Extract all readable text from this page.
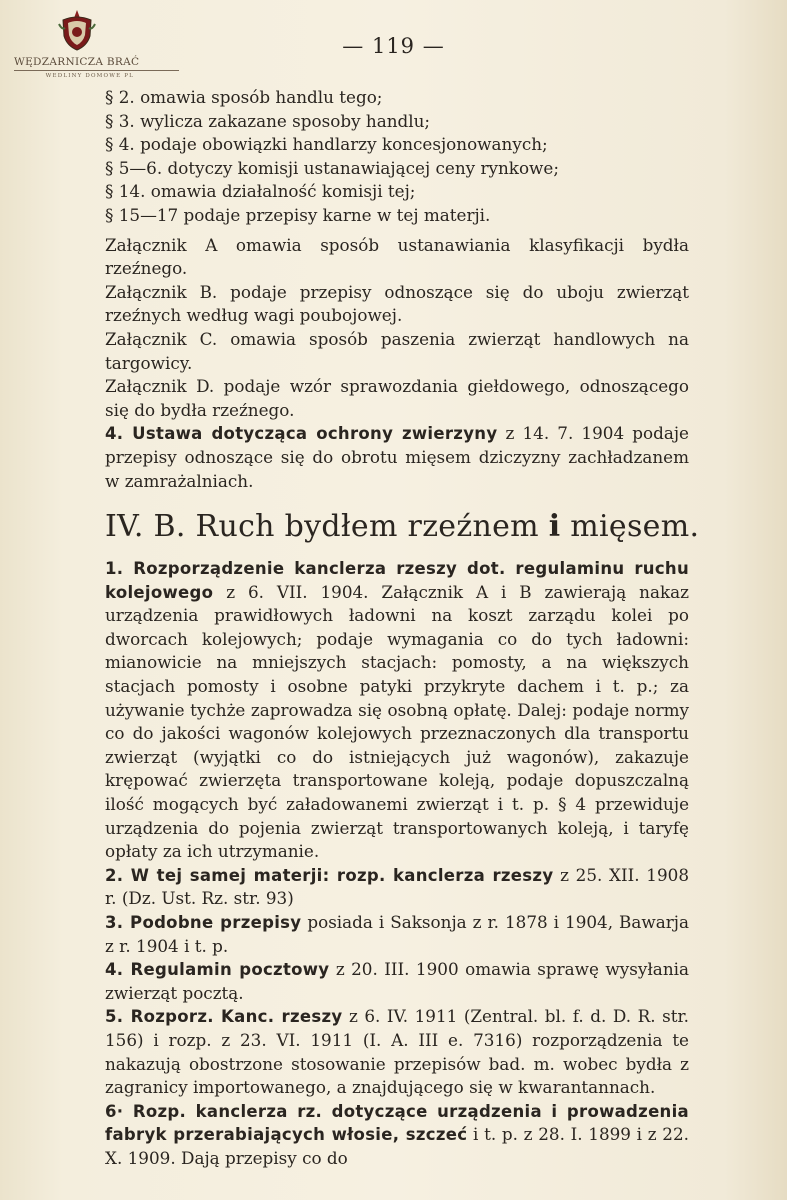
WĘDZARNICZA BRAĆ
WEDLINY DOMOWE PL
— 119 —

§ 2. omawia sposób handlu tego;

§ 3. wylicza zakazane sposoby handlu;

§ 4. podaje obowiązki handlarzy koncesjonowanych;

§ 5—6. dotyczy komisji ustanawiającej ceny rynkowe;

§ 14. omawia działalność komisji tej;

§ 15—17 podaje przepisy karne w tej materji.

Załącznik A omawia sposób ustanawiania klasyfikacji bydła rzeźnego.

Załącznik B. podaje przepisy odnoszące się do uboju zwierząt rzeźnych według wagi poubojowej.

Załącznik C. omawia sposób paszenia zwierząt handlowych na targowicy.

Załącznik D. podaje wzór sprawozdania giełdowego, odnoszącego się do bydła rzeźnego.

4. Ustawa dotycząca ochrony zwierzyny z 14. 7. 1904 podaje przepisy odnoszące się do obrotu mięsem dziczyzny zachładzanem w zamrażalniach.

IV. B. Ruch bydłem rzeźnem i mięsem.

1. Rozporządzenie kanclerza rzeszy dot. regulaminu ruchu kolejowego z 6. VII. 1904. Załącznik A i B zawierają nakaz urządzenia prawidłowych ładowni na koszt zarządu kolei po dworcach kolejowych; podaje wymagania co do tych ładowni: mianowicie na mniejszych stacjach: pomosty, a na większych stacjach pomosty i osobne patyki przykryte dachem i t. p.; za używanie tychże zaprowadza się osobną opłatę. Dalej: podaje normy co do jakości wagonów kolejowych przeznaczonych dla transportu zwierząt (wyjątki co do istniejących już wagonów), zakazuje krępować zwierzęta transportowane koleją, podaje dopuszczalną ilość mogących być załadowanemi zwierząt i t. p. § 4 przewiduje urządzenia do pojenia zwierząt transportowanych koleją, i taryfę opłaty za ich utrzymanie.

2. W tej samej materji: rozp. kanclerza rzeszy z 25. XII. 1908 r. (Dz. Ust. Rz. str. 93)

3. Podobne przepisy posiada i Saksonja z r. 1878 i 1904, Bawarja z r. 1904 i t. p.

4. Regulamin pocztowy z 20. III. 1900 omawia sprawę wysyłania zwierząt pocztą.

5. Rozporz. Kanc. rzeszy z 6. IV. 1911 (Zentral. bl. f. d. D. R. str. 156) i rozp. z 23. VI. 1911 (I. A. III e. 7316) rozporządzenia te nakazują obostrzone stosowanie przepisów bad. m. wobec bydła z zagranicy importowanego, a znajdującego się w kwarantannach.

6· Rozp. kanclerza rz. dotyczące urządzenia i prowadzenia fabryk przerabiających włosie, szczeć i t. p. z 28. I. 1899 i z 22. X. 1909. Dają przepisy co do
